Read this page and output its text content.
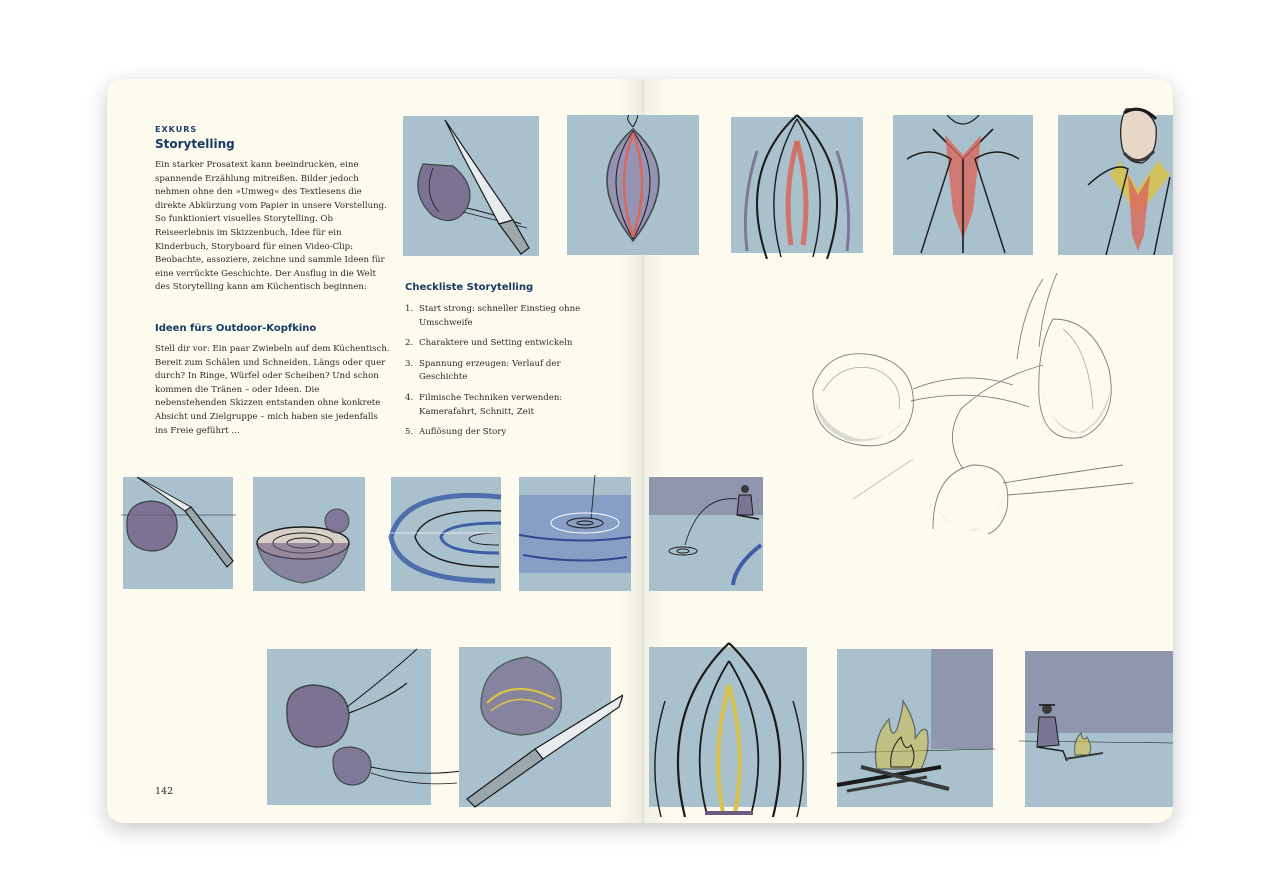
EXKURS
Storytelling

Ein starker Prosatext kann beeindrucken, eine spannende Erzählung mitreißen. Bilder jedoch nehmen ohne den »Umweg« des Textlesens die direkte Abkürzung vom Papier in unsere Vorstellung. So funktioniert visuelles Storytelling. Ob Reiseerlebnis im Skizzenbuch, Idee für ein Kinderbuch, Storyboard für einen Video-Clip: Beobachte, assoziere, zeichne und sammle Ideen für eine verrückte Geschichte. Der Ausflug in die Welt des Storytelling kann am Küchentisch beginnen:

Ideen fürs Outdoor-Kopfkino

Stell dir vor: Ein paar Zwiebeln auf dem Küchentisch. Bereit zum Schälen und Schneiden. Längs oder quer durch? In Ringe, Würfel oder Scheiben? Und schon kommen die Tränen – oder Ideen. Die nebenstehenden Skizzen entstanden ohne konkrete Absicht und Zielgruppe – mich haben sie jedenfalls ins Freie geführt …

Checkliste Storytelling
1. Start strong: schneller Einstieg ohne Umschweife
2. Charaktere und Setting entwickeln
3. Spannung erzeugen: Verlauf der Geschichte
4. Filmische Techniken verwenden: Kamerafahrt, Schnitt, Zeit
5. Auflösung der Story
142
